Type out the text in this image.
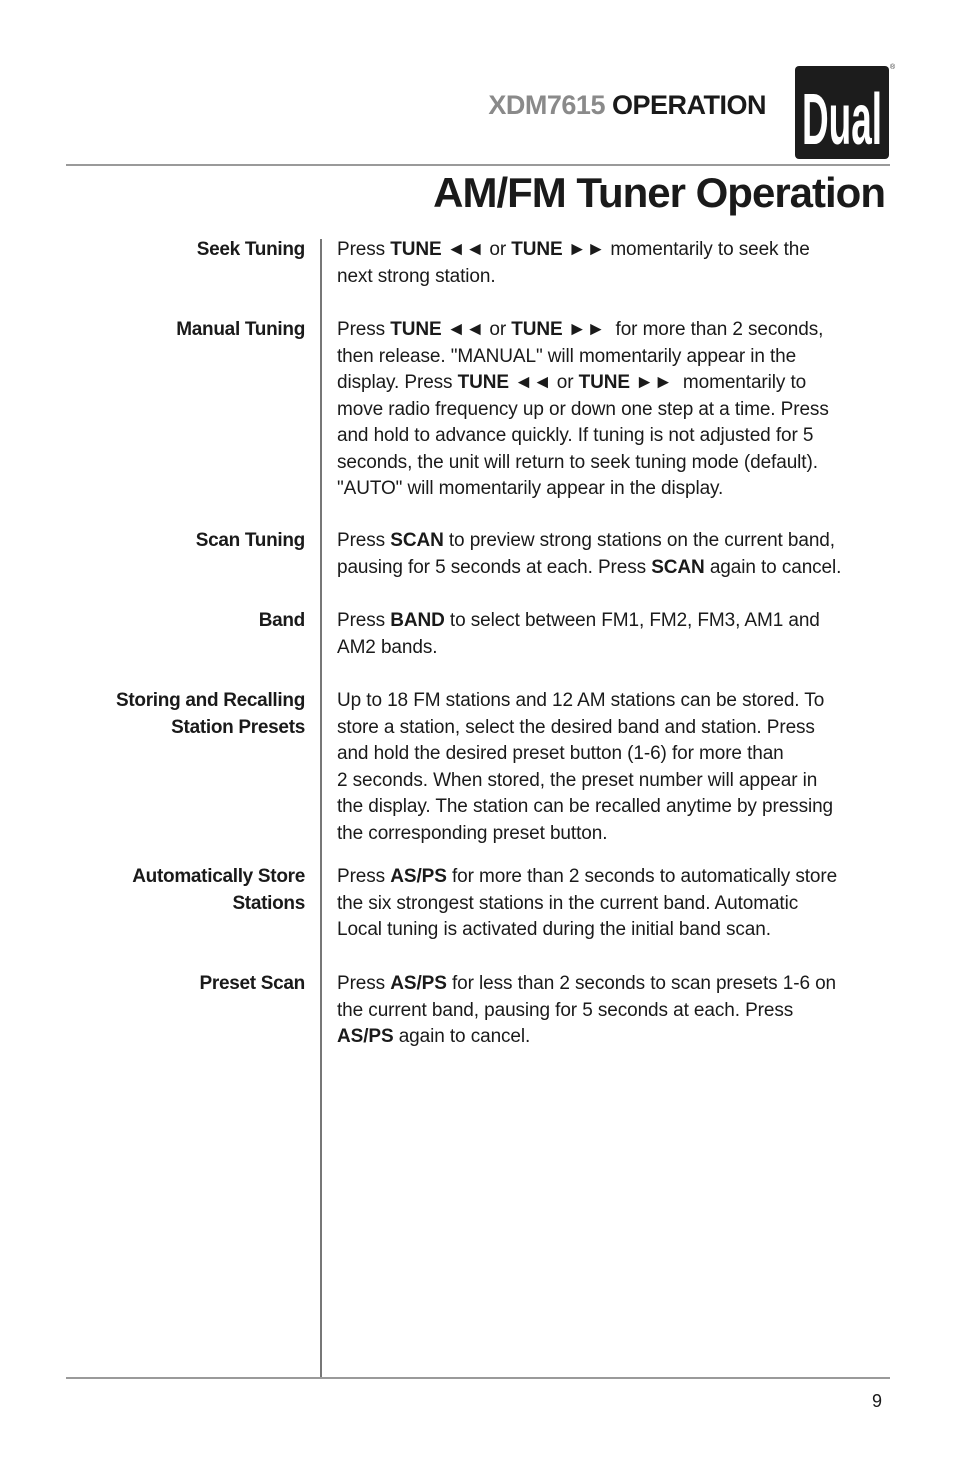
XDM7615 OPERATION Dual
®
AM/FM Tuner Operation
Seek Tuning Press TUNE ◄◄ or TUNE ►► momentarily to seek the
next strong station.
Manual Tuning Press TUNE ◄◄ or TUNE ►►  for more than 2 seconds,
then release. "MANUAL" will momentarily appear in the
display. Press TUNE ◄◄ or TUNE ►►  momentarily to
move radio frequency up or down one step at a time. Press
and hold to advance quickly. If tuning is not adjusted for 5
seconds, the unit will return to seek tuning mode (default).
"AUTO" will momentarily appear in the display.
Scan Tuning Press SCAN to preview strong stations on the current band,
pausing for 5 seconds at each. Press SCAN again to cancel.
Band Press BAND to select between FM1, FM2, FM3, AM1 and
AM2 bands.
Storing and Recalling
Station Presets
Up to 18 FM stations and 12 AM stations can be stored. To
store a station, select the desired band and station. Press
and hold the desired preset button (1-6) for more than
2 seconds. When stored, the preset number will appear in
the display. The station can be recalled anytime by pressing
the corresponding preset button.
Automatically Store
Stations
Press AS/PS for more than 2 seconds to automatically store
the six strongest stations in the current band. Automatic
Local tuning is activated during the initial band scan.
Preset Scan Press AS/PS for less than 2 seconds to scan presets 1-6 on
the current band, pausing for 5 seconds at each. Press
AS/PS again to cancel.
9
